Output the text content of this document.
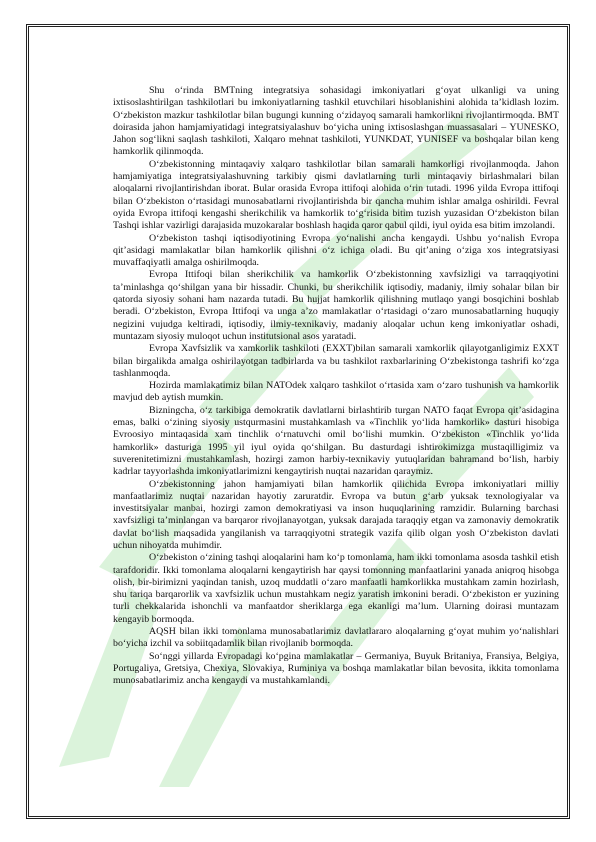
Shu o‘rinda BMTning integratsiya sohasidagi imkoniyatlari g‘oyat ulkanligi va uning ixtisoslashtirilgan tashkilotlari bu imkoniyatlarning tashkil etuvchilari hisoblanishini alohida ta’kidlash lozim. O‘zbekiston mazkur tashkilotlar bilan bugungi kunning o‘zidayoq samarali hamkorlikni rivojlantirmoqda. BMT doirasida jahon hamjamiyatidagi integratsiyalashuv bo‘yicha uning ixtisoslashgan muassasalari – YUNESKO, Jahon sog‘likni saqlash tashkiloti, Xalqaro mehnat tashkiloti, YUNKDAT, YUNISEF va boshqalar bilan keng hamkorlik qilinmoqda.

O‘zbekistonning mintaqaviy xalqaro tashkilotlar bilan samarali hamkorligi rivojlanmoqda. Jahon hamjamiyatiga integratsiyalashuvning tarkibiy qismi davlatlarning turli mintaqaviy birlashmalari bilan aloqalarni rivojlantirishdan iborat. Bular orasida Evropa ittifoqi alohida o‘rin tutadi. 1996 yilda Evropa ittifoqi bilan O‘zbekiston o‘rtasidagi munosabatlarni rivojlantirishda bir qancha muhim ishlar amalga oshirildi. Fevral oyida Evropa ittifoqi kengashi sherikchilik va hamkorlik to‘g‘risida bitim tuzish yuzasidan O‘zbekiston bilan Tashqi ishlar vazirligi darajasida muzokaralar boshlash haqida qaror qabul qildi, iyul oyida esa bitim imzolandi.

O‘zbekiston tashqi iqtisodiyotining Evropa yo‘nalishi ancha kengaydi. Ushbu yo‘nalish Evropa qit’asidagi mamlakatlar bilan hamkorlik qilishni o‘z ichiga oladi. Bu qit’aning o‘ziga xos integratsiyasi muvaffaqiyatli amalga oshirilmoqda.

Evropa Ittifoqi bilan sherikchilik va hamkorlik O‘zbekistonning xavfsizligi va tarraqqiyotini ta’minlashga qo‘shilgan yana bir hissadir. Chunki, bu sherikchilik iqtisodiy, madaniy, ilmiy sohalar bilan bir qatorda siyosiy sohani ham nazarda tutadi. Bu hujjat hamkorlik qilishning mutlaqo yangi bosqichini boshlab beradi. O‘zbekiston, Evropa Ittifoqi va unga a’zo mamlakatlar o‘rtasidagi o‘zaro munosabatlarning huquqiy negizini vujudga keltiradi, iqtisodiy, ilmiy-texnikaviy, madaniy aloqalar uchun keng imkoniyatlar oshadi, muntazam siyosiy muloqot uchun institutsional asos yaratadi.

Evropa Xavfsizlik va xamkorlik tashkiloti (EXXT)bilan samarali xamkorlik qilayotganligimiz EXXT bilan birgalikda amalga oshirilayotgan tadbirlarda va bu tashkilot raxbarlarining O‘zbekistonga tashrifi ko‘zga tashlanmoqda.

Hozirda mamlakatimiz bilan NATOdek xalqaro tashkilot o‘rtasida xam o‘zaro tushunish va hamkorlik mavjud deb aytish mumkin.

Bizningcha, o‘z tarkibiga demokratik davlatlarni birlashtirib turgan NATO faqat Evropa qit’asidagina emas, balki o‘zining siyosiy ustqurmasini mustahkamlash va «Tinchlik yo‘lida hamkorlik» dasturi hisobiga Evroosiyo mintaqasida xam tinchlik o‘rnatuvchi omil bo‘lishi mumkin. O‘zbekiston «Tinchlik yo‘lida hamkorlik» dasturiga 1995 yil iyul oyida qo‘shilgan. Bu dasturdagi ishtirokimizga mustaqilligimiz va suverenitetimizni mustahkamlash, hozirgi zamon harbiy-texnikaviy yutuqlaridan bahramand bo‘lish, harbiy kadrlar tayyorlashda imkoniyatlarimizni kengaytirish nuqtai nazaridan qaraymiz.

O‘zbekistonning jahon hamjamiyati bilan hamkorlik qilichida Evropa imkoniyatlari milliy manfaatlarimiz nuqtai nazaridan hayotiy zaruratdir. Evropa va butun g‘arb yuksak texnologiyalar va investitsiyalar manbai, hozirgi zamon demokratiyasi va inson huquqlarining ramzidir. Bularning barchasi xavfsizligi ta’minlangan va barqaror rivojlanayotgan, yuksak darajada taraqqiy etgan va zamonaviy demokratik davlat bo‘lish maqsadida yangilanish va tarraqqiyotni strategik vazifa qilib olgan yosh O‘zbekiston davlati uchun nihoyatda muhimdir.

O‘zbekiston o‘zining tashqi aloqalarini ham ko‘p tomonlama, ham ikki tomonlama asosda tashkil etish tarafdoridir. Ikki tomonlama aloqalarni kengaytirish har qaysi tomonning manfaatlarini yanada aniqroq hisobga olish, bir-birimizni yaqindan tanish, uzoq muddatli o‘zaro manfaatli hamkorlikka mustahkam zamin hozirlash, shu tariqa barqarorlik va xavfsizlik uchun mustahkam negiz yaratish imkonini beradi. O‘zbekiston er yuzining turli chekkalarida ishonchli va manfaatdor sheriklarga ega ekanligi ma’lum. Ularning doirasi muntazam kengayib bormoqda.

AQSH bilan ikki tomonlama munosabatlarimiz davlatlararo aloqalarning g‘oyat muhim yo‘nalishlari bo‘yicha izchil va sobiitqadamlik bilan rivojlanib bormoqda.

So‘nggi yillarda Evropadagi ko‘pgina mamlakatlar – Germaniya, Buyuk Britaniya, Fransiya, Belgiya, Portugaliya, Gretsiya, Chexiya, Slovakiya, Ruminiya va boshqa mamlakatlar bilan bevosita, ikkita tomonlama munosabatlarimiz ancha kengaydi va mustahkamlandi.
